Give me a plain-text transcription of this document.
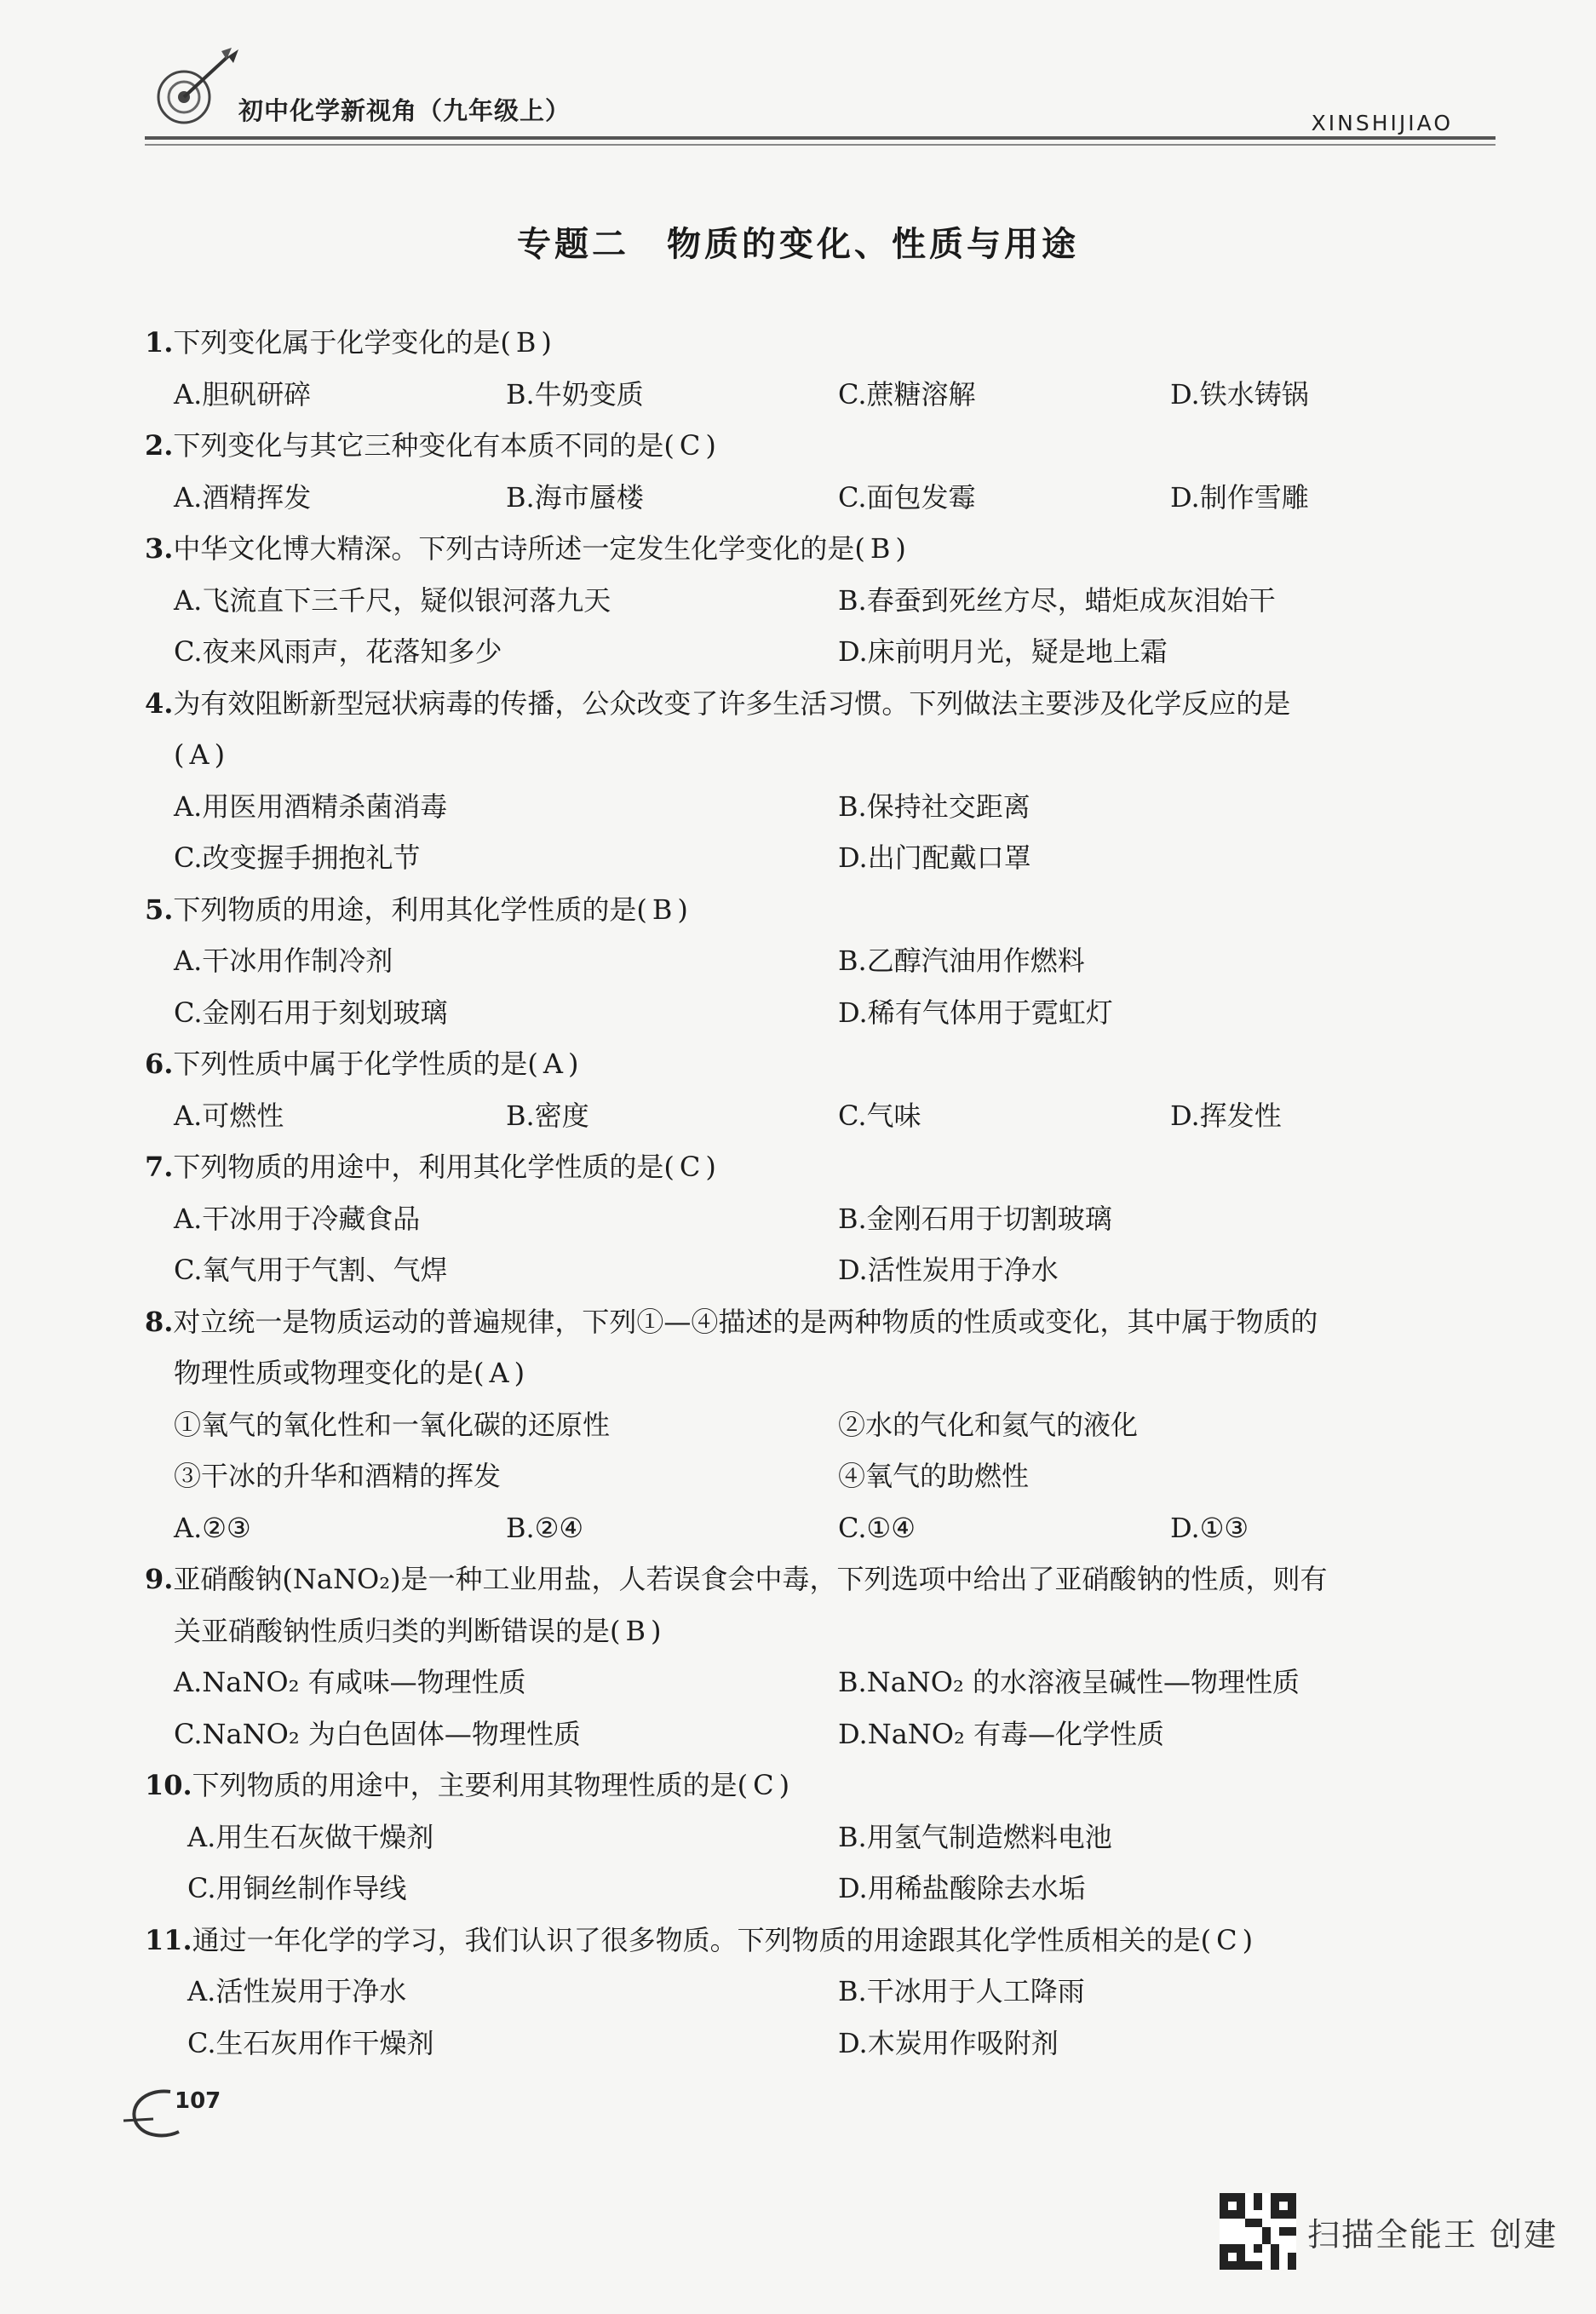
初中化学新视角（九年级上）	XINSHIJIAO
专题二　物质的变化、性质与用途
1.下列变化属于化学变化的是( B )
A.胆矾研碎	B.牛奶变质	C.蔗糖溶解	D.铁水铸锅
2.下列变化与其它三种变化有本质不同的是( C )
A.酒精挥发	B.海市蜃楼	C.面包发霉	D.制作雪雕
3.中华文化博大精深。下列古诗所述一定发生化学变化的是( B )
A.飞流直下三千尺，疑似银河落九天	B.春蚕到死丝方尽，蜡炬成灰泪始干
C.夜来风雨声，花落知多少	D.床前明月光，疑是地上霜
4.为有效阻断新型冠状病毒的传播，公众改变了许多生活习惯。下列做法主要涉及化学反应的是
( A )
A.用医用酒精杀菌消毒	B.保持社交距离
C.改变握手拥抱礼节	D.出门配戴口罩
5.下列物质的用途，利用其化学性质的是( B )
A.干冰用作制冷剂	B.乙醇汽油用作燃料
C.金刚石用于刻划玻璃	D.稀有气体用于霓虹灯
6.下列性质中属于化学性质的是( A )
A.可燃性	B.密度	C.气味	D.挥发性
7.下列物质的用途中，利用其化学性质的是( C )
A.干冰用于冷藏食品	B.金刚石用于切割玻璃
C.氧气用于气割、气焊	D.活性炭用于净水
8.对立统一是物质运动的普遍规律，下列①—④描述的是两种物质的性质或变化，其中属于物质的
物理性质或物理变化的是( A )
①氧气的氧化性和一氧化碳的还原性	②水的气化和氦气的液化
③干冰的升华和酒精的挥发	④氧气的助燃性
A.②③	B.②④	C.①④	D.①③
9.亚硝酸钠(NaNO₂)是一种工业用盐，人若误食会中毒，下列选项中给出了亚硝酸钠的性质，则有
关亚硝酸钠性质归类的判断错误的是( B )
A.NaNO₂ 有咸味—物理性质	B.NaNO₂ 的水溶液呈碱性—物理性质
C.NaNO₂ 为白色固体—物理性质	D.NaNO₂ 有毒—化学性质
10.下列物质的用途中，主要利用其物理性质的是( C )
A.用生石灰做干燥剂	B.用氢气制造燃料电池
C.用铜丝制作导线	D.用稀盐酸除去水垢
11.通过一年化学的学习，我们认识了很多物质。下列物质的用途跟其化学性质相关的是( C )
A.活性炭用于净水	B.干冰用于人工降雨
C.生石灰用作干燥剂	D.木炭用作吸附剂
107
扫描全能王 创建
